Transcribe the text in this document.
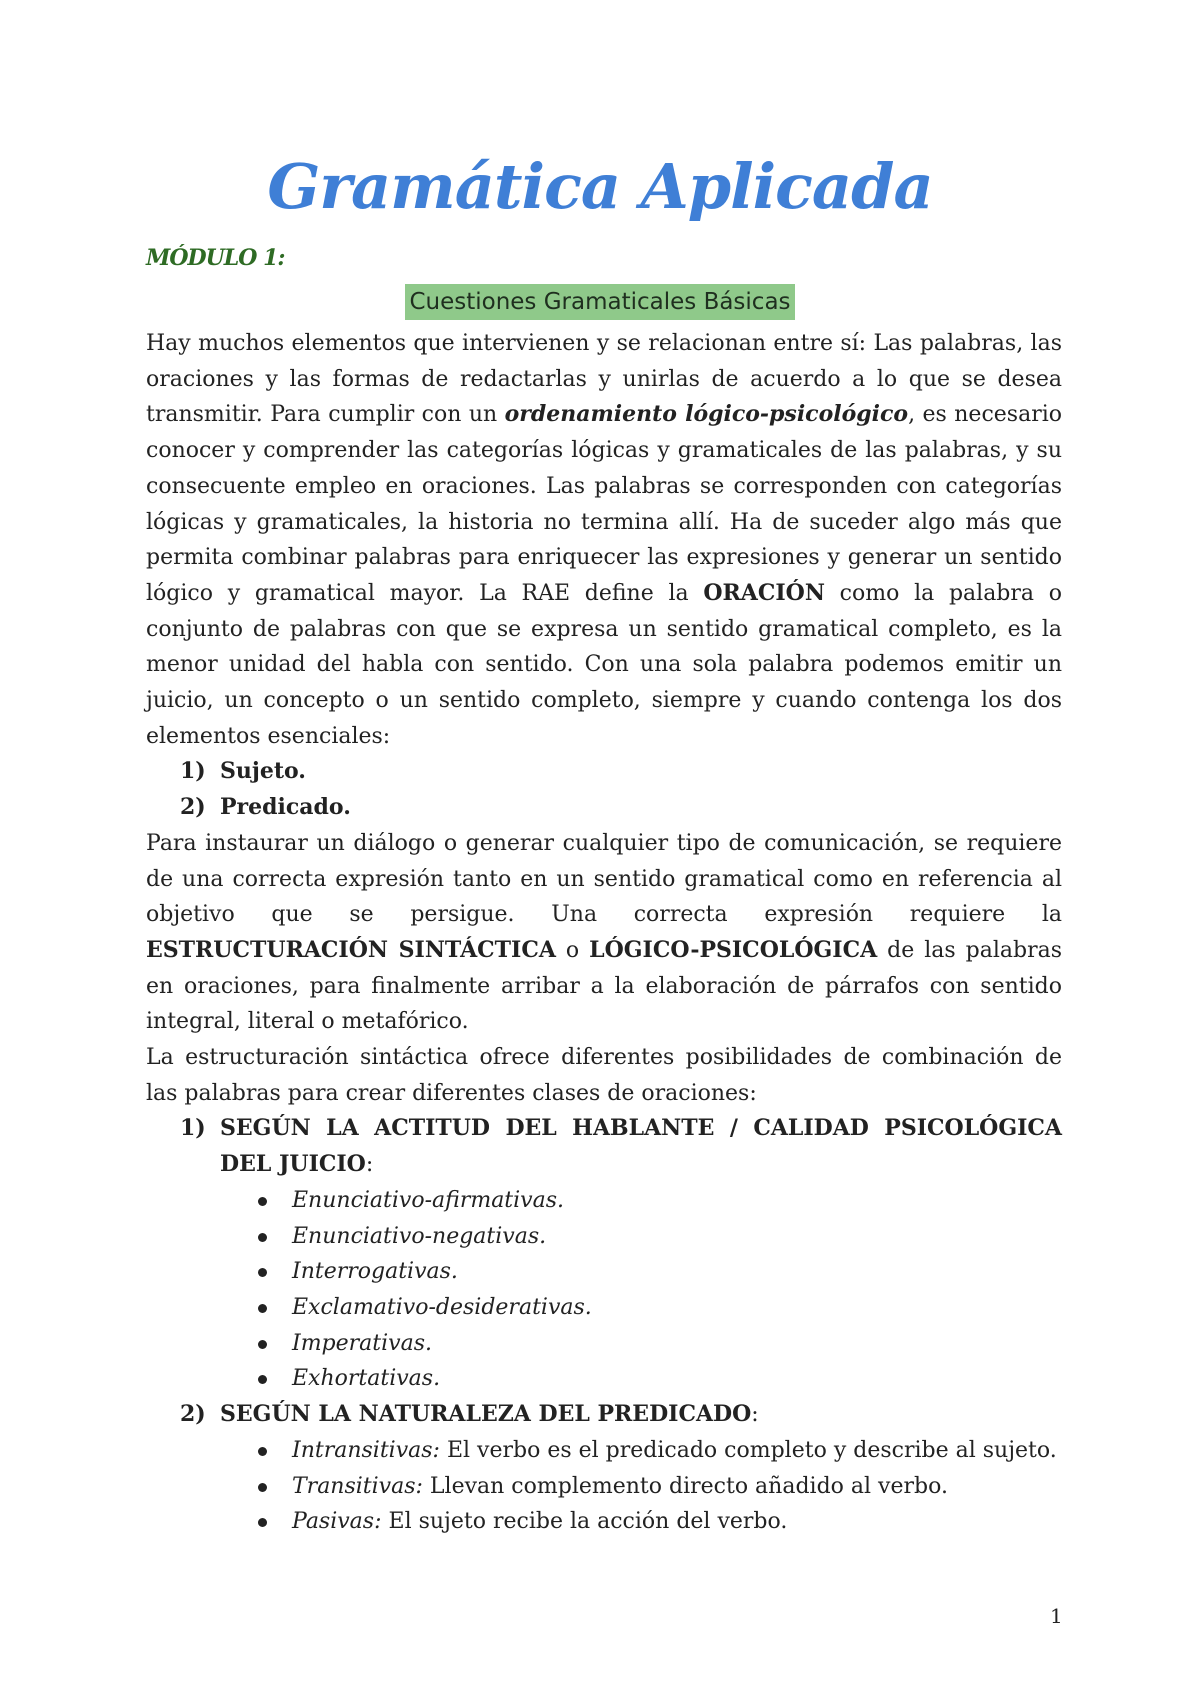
Gramática Aplicada
MÓDULO 1:
Cuestiones Gramaticales Básicas

Hay muchos elementos que intervienen y se relacionan entre sí: Las palabras, las oraciones y las formas de redactarlas y unirlas de acuerdo a lo que se desea transmitir. Para cumplir con un ordenamiento lógico-psicológico, es necesario conocer y comprender las categorías lógicas y gramaticales de las palabras, y su consecuente empleo en oraciones. Las palabras se corresponden con categorías lógicas y gramaticales, la historia no termina allí. Ha de suceder algo más que permita combinar palabras para enriquecer las expresiones y generar un sentido lógico y gramatical mayor. La RAE define la ORACIÓN como la palabra o conjunto de palabras con que se expresa un sentido gramatical completo, es la menor unidad del habla con sentido. Con una sola palabra podemos emitir un juicio, un concepto o un sentido completo, siempre y cuando contenga los dos elementos esenciales:

1) Sujeto.
2) Predicado.

Para instaurar un diálogo o generar cualquier tipo de comunicación, se requiere de una correcta expresión tanto en un sentido gramatical como en referencia al objetivo que se persigue. Una correcta expresión requiere la ESTRUCTURACIÓN SINTÁCTICA o LÓGICO-PSICOLÓGICA de las palabras en oraciones, para finalmente arribar a la elaboración de párrafos con sentido integral, literal o metafórico.

La estructuración sintáctica ofrece diferentes posibilidades de combinación de las palabras para crear diferentes clases de oraciones:

1) SEGÚN LA ACTITUD DEL HABLANTE / CALIDAD PSICOLÓGICA DEL JUICIO:
Enunciativo-afirmativas.
Enunciativo-negativas.
Interrogativas.
Exclamativo-desiderativas.
Imperativas.
Exhortativas.
2) SEGÚN LA NATURALEZA DEL PREDICADO:
Intransitivas: El verbo es el predicado completo y describe al sujeto.
Transitivas: Llevan complemento directo añadido al verbo.
Pasivas: El sujeto recibe la acción del verbo.
1
